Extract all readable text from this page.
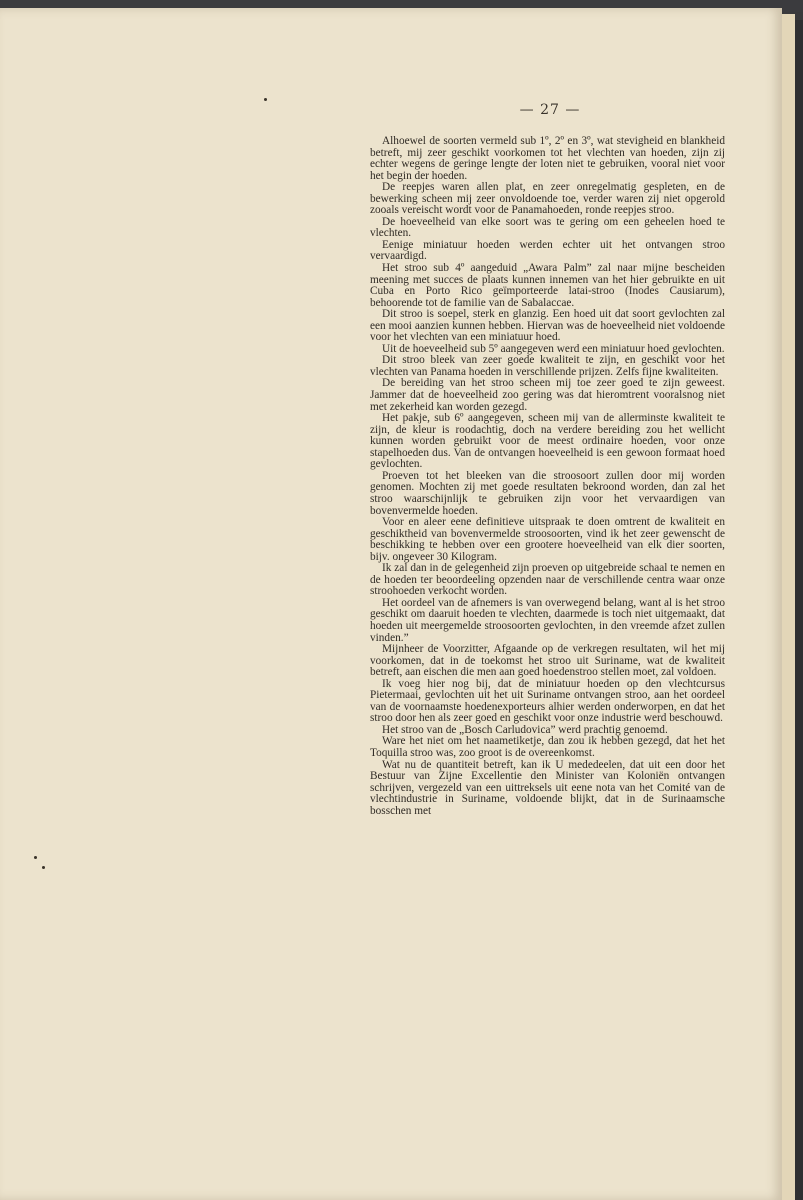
— 27 —

Alhoewel de soorten vermeld sub 1º, 2º en 3º, wat stevigheid en blankheid betreft, mij zeer geschikt voorkomen tot het vlechten van hoeden, zijn zij echter wegens de geringe lengte der loten niet te gebruiken, vooral niet voor het begin der hoeden.

De reepjes waren allen plat, en zeer onregelmatig gespleten, en de bewerking scheen mij zeer onvoldoende toe, verder waren zij niet opgerold zooals vereischt wordt voor de Panamahoeden, ronde reepjes stroo.

De hoeveelheid van elke soort was te gering om een geheelen hoed te vlechten.

Eenige miniatuur hoeden werden echter uit het ontvangen stroo vervaardigd.

Het stroo sub 4º aangeduid „Awara Palm” zal naar mijne bescheiden meening met succes de plaats kunnen innemen van het hier gebruikte en uit Cuba en Porto Rico geïmporteerde latai-stroo (Inodes Causiarum), behoorende tot de familie van de Sabalaccae.

Dit stroo is soepel, sterk en glanzig. Een hoed uit dat soort gevlochten zal een mooi aanzien kunnen hebben. Hiervan was de hoeveelheid niet voldoende voor het vlechten van een miniatuur hoed.

Uit de hoeveelheid sub 5º aangegeven werd een miniatuur hoed gevlochten.

Dit stroo bleek van zeer goede kwaliteit te zijn, en geschikt voor het vlechten van Panama hoeden in verschillende prijzen. Zelfs fijne kwaliteiten.

De bereiding van het stroo scheen mij toe zeer goed te zijn geweest. Jammer dat de hoeveelheid zoo gering was dat hieromtrent vooralsnog niet met zekerheid kan worden gezegd.

Het pakje, sub 6º aangegeven, scheen mij van de allerminste kwaliteit te zijn, de kleur is roodachtig, doch na verdere bereiding zou het wellicht kunnen worden gebruikt voor de meest ordinaire hoeden, voor onze stapelhoeden dus. Van de ontvangen hoeveelheid is een gewoon formaat hoed gevlochten.

Proeven tot het bleeken van die stroosoort zullen door mij worden genomen. Mochten zij met goede resultaten bekroond worden, dan zal het stroo waarschijnlijk te gebruiken zijn voor het vervaardigen van bovenvermelde hoeden.

Voor en aleer eene definitieve uitspraak te doen omtrent de kwaliteit en geschiktheid van bovenvermelde stroosoorten, vind ik het zeer gewenscht de beschikking te hebben over een grootere hoeveelheid van elk dier soorten, bijv. ongeveer 30 Kilogram.

Ik zal dan in de gelegenheid zijn proeven op uitgebreide schaal te nemen en de hoeden ter beoordeeling opzenden naar de verschillende centra waar onze stroohoeden verkocht worden.

Het oordeel van de afnemers is van overwegend belang, want al is het stroo geschikt om daaruit hoeden te vlechten, daarmede is toch niet uitgemaakt, dat hoeden uit meergemelde stroosoorten gevlochten, in den vreemde afzet zullen vinden.”

Mijnheer de Voorzitter, Afgaande op de verkregen resultaten, wil het mij voorkomen, dat in de toekomst het stroo uit Suriname, wat de kwaliteit betreft, aan eischen die men aan goed hoedenstroo stellen moet, zal voldoen.

Ik voeg hier nog bij, dat de miniatuur hoeden op den vlechtcursus Pietermaai, gevlochten uit het uit Suriname ontvangen stroo, aan het oordeel van de voornaamste hoedenexporteurs alhier werden onderworpen, en dat het stroo door hen als zeer goed en geschikt voor onze industrie werd beschouwd.

Het stroo van de „Bosch Carludovica” werd prachtig genoemd.

Ware het niet om het naametiketje, dan zou ik hebben gezegd, dat het het Toquilla stroo was, zoo groot is de overeenkomst.

Wat nu de quantiteit betreft, kan ik U mededeelen, dat uit een door het Bestuur van Zijne Excellentie den Minister van Koloniën ontvangen schrijven, vergezeld van een uittreksels uit eene nota van het Comité van de vlechtindustrie in Suriname, voldoende blijkt, dat in de Surinaamsche bosschen met
